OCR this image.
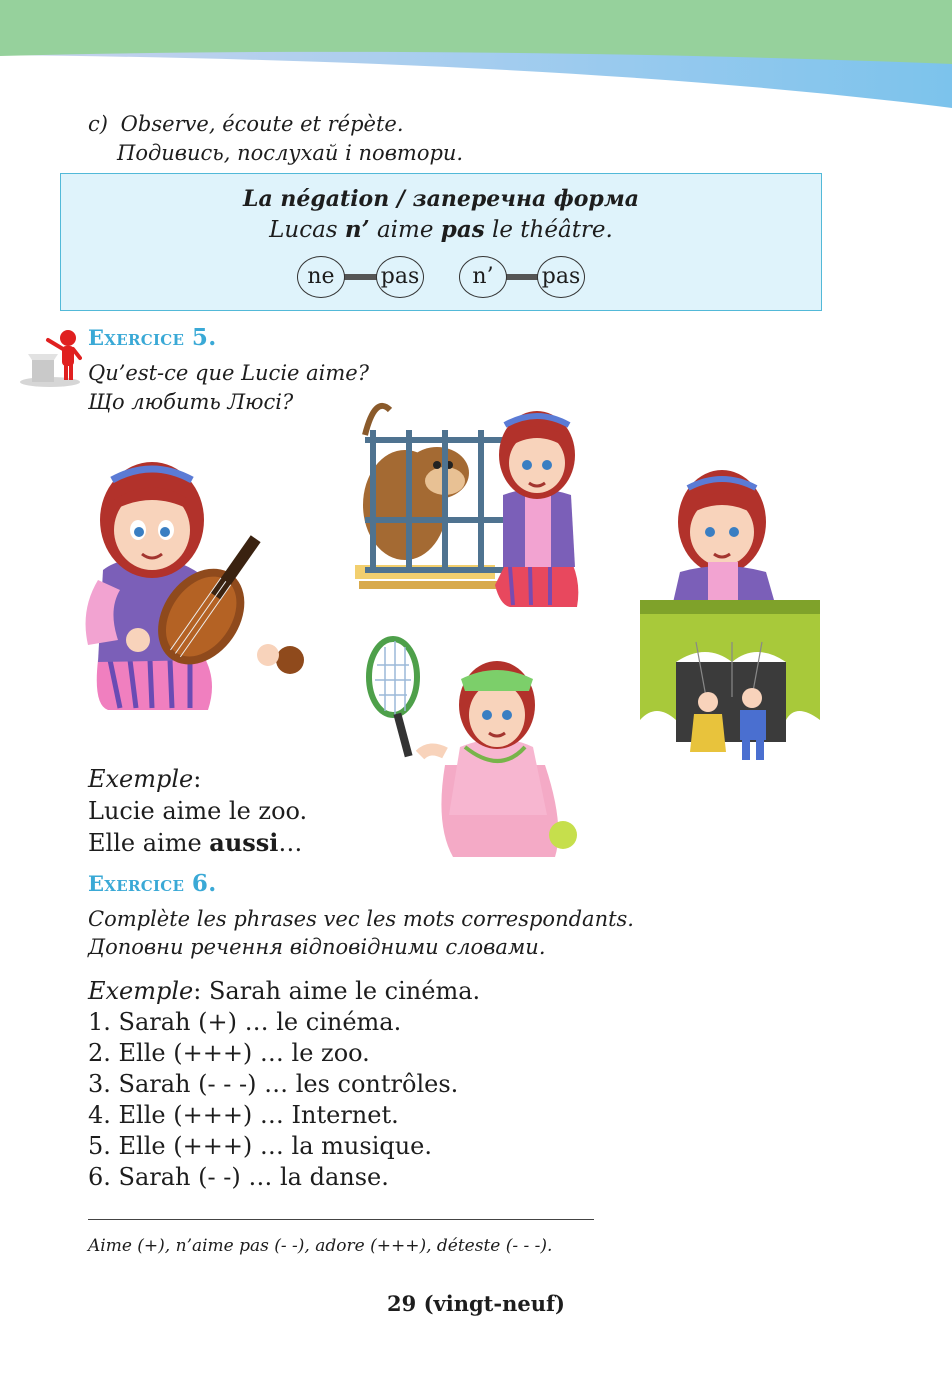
c) Observe, écoute et répète.
Подивись, послухай і повтори.
La négation / заперечна форма
Lucas n’ aime pas le théâtre.
ne	pas	n’	pas
Exercice 5.
Qu’est-ce que Lucie aime?
Що любить Люсі?
Exemple:
Lucie aime le zoo.
Elle aime aussi…
Exercice 6.
Complète les phrases vec les mots correspondants.
Доповни речення відповідними словами.
Exemple: Sarah aime le cinéma.
1. Sarah (+) … le cinéma.
2. Elle (+++) … le zoo.
3. Sarah (- - -) … les contrôles.
4. Elle (+++) … Internet.
5. Elle (+++) … la musique.
6. Sarah (- -) … la danse.
Aime (+), n’aime pas (- -), adore (+++), déteste (- - -).
29 (vingt-neuf)
